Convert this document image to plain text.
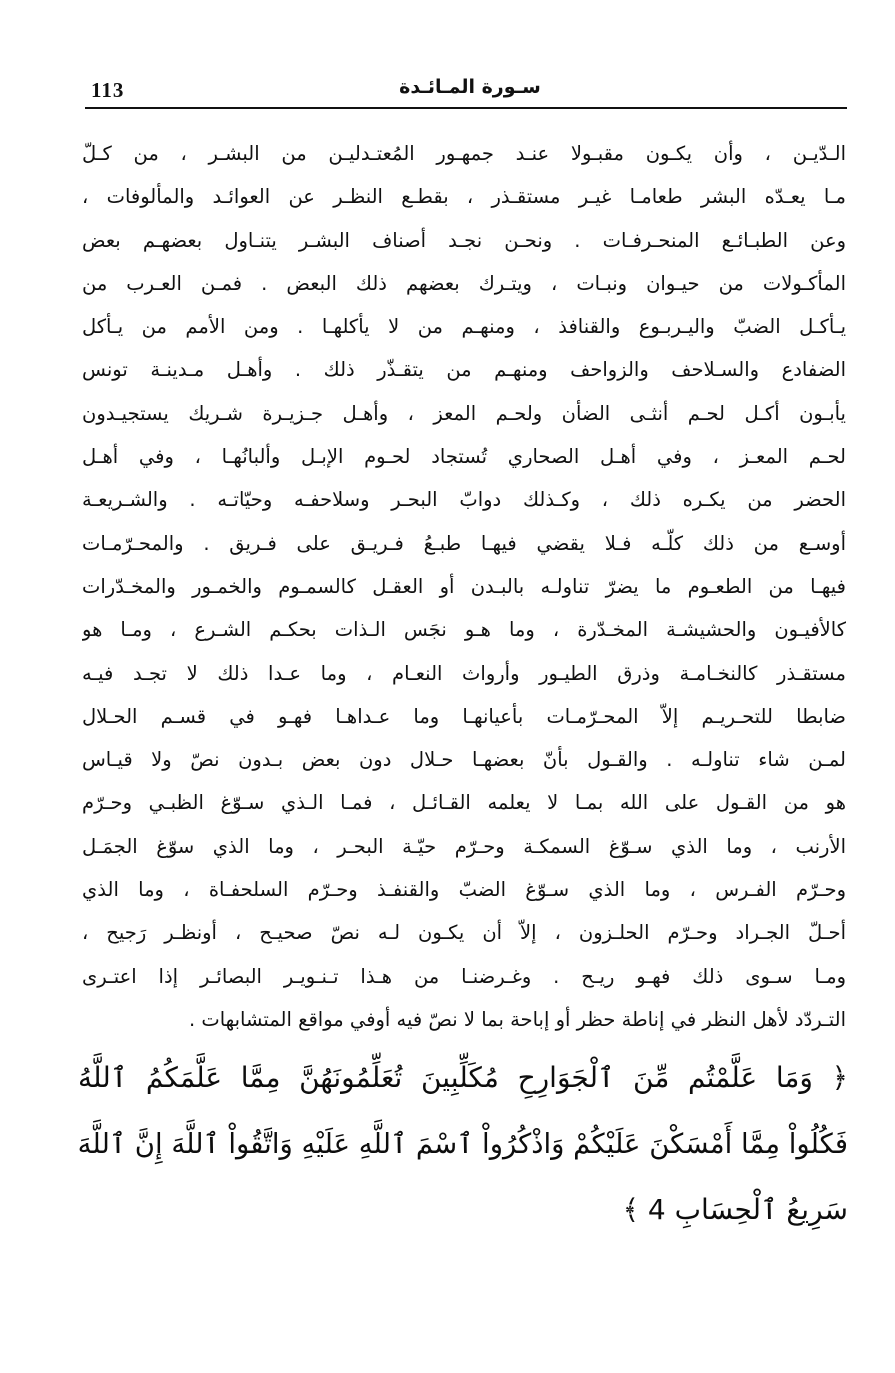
113	سـورة المـائـدة
الـدّيـن ، وأن يكـون مقبـولا عنـد جمهـور المُعتـدليـن من البشـر ، من كـلّ
مـا يعـدّه البشر طعامـا غيـر مستقـذر ، بقطـع النظـر عن العوائـد والمألوفات ،
وعن الطبـائـع المنحـرفـات . ونحـن نجـد أصناف البشـر يتنـاول بعضهـم بعض
المأكـولات من حيـوان ونبـات ، ويتـرك بعضهم ذلك البعض . فمـن العـرب من
يـأكـل الضبّ واليـربـوع والقنافذ ، ومنهـم من لا يأكلهـا . ومن الأمم من يـأكل
الضفادع والسـلاحف والزواحف ومنهـم من يتقـذّر ذلك . وأهـل مـدينـة تونس
يأبـون أكـل لحـم أنثـى الضأن ولحـم المعز ، وأهـل جـزيـرة شـريك يستجيـدون
لحـم المعـز ، وفي أهـل الصحاري تُستجاد لحـوم الإبـل وألبانُهـا ، وفي أهـل
الحضر من يكـره ذلك ، وكـذلك دوابّ البحـر وسلاحفـه وحيّاتـه . والشـريعـة
أوسـع من ذلك كلّـه فـلا يقضي فيهـا طبـعُ فـريـق على فـريق . والمحـرّمـات
فيهـا من الطعـوم ما يضرّ تناولـه بالبـدن أو العقـل كالسمـوم والخمـور والمخـدّرات
كالأفيـون والحشيشـة المخـدّرة ، وما هـو نجَس الـذات بحكـم الشـرع ، ومـا هو
مستقـذر كالنخـامـة وذرق الطيـور وأرواث النعـام ، وما عـدا ذلك لا تجـد فيـه
ضابطا للتحـريـم إلاّ المحـرّمـات بأعيانهـا وما عـداهـا فهـو في قسـم الحـلال
لمـن شاء تناولـه . والقـول بأنّ بعضهـا حـلال دون بعض بـدون نصّ ولا قيـاس
هو من القـول على الله بمـا لا يعلمه القـائـل ، فمـا الـذي سـوّغ الظبـي وحـرّم
الأرنب ، وما الذي سـوّغ السمكـة وحـرّم حيّـة البحـر ، وما الذي سوّغ الجمَـل
وحـرّم الفـرس ، وما الذي سـوّغ الضبّ والقنفـذ وحـرّم السلحفـاة ، وما الذي
أحـلّ الجـراد وحـرّم الحلـزون ، إلاّ أن يكـون لـه نصّ صحيـح ، أونظـر رَجيح ،
ومـا سـوى ذلك فهـو ريـح . وغـرضنـا من هـذا تـنـويـر البصائـر إذا اعتـرى
التـردّد لأهل النظر في إناطة حظر أو إباحة بما لا نصّ فيه أوفي مواقع المتشابهات .
﴿ وَمَا عَلَّمْتُم مِّنَ ٱلْجَوَارِحِ مُكَلِّبِينَ تُعَلِّمُونَهُنَّ مِمَّا عَلَّمَكُمُ ٱللَّهُ
فَكُلُواْ مِمَّا أَمْسَكْنَ عَلَيْكُمْ وَاذْكُرُواْ ٱسْمَ ٱللَّهِ عَلَيْهِ وَاتَّقُواْ ٱللَّهَ إِنَّ ٱللَّهَ
سَرِيعُ ٱلْحِسَابِ 4 ﴾
